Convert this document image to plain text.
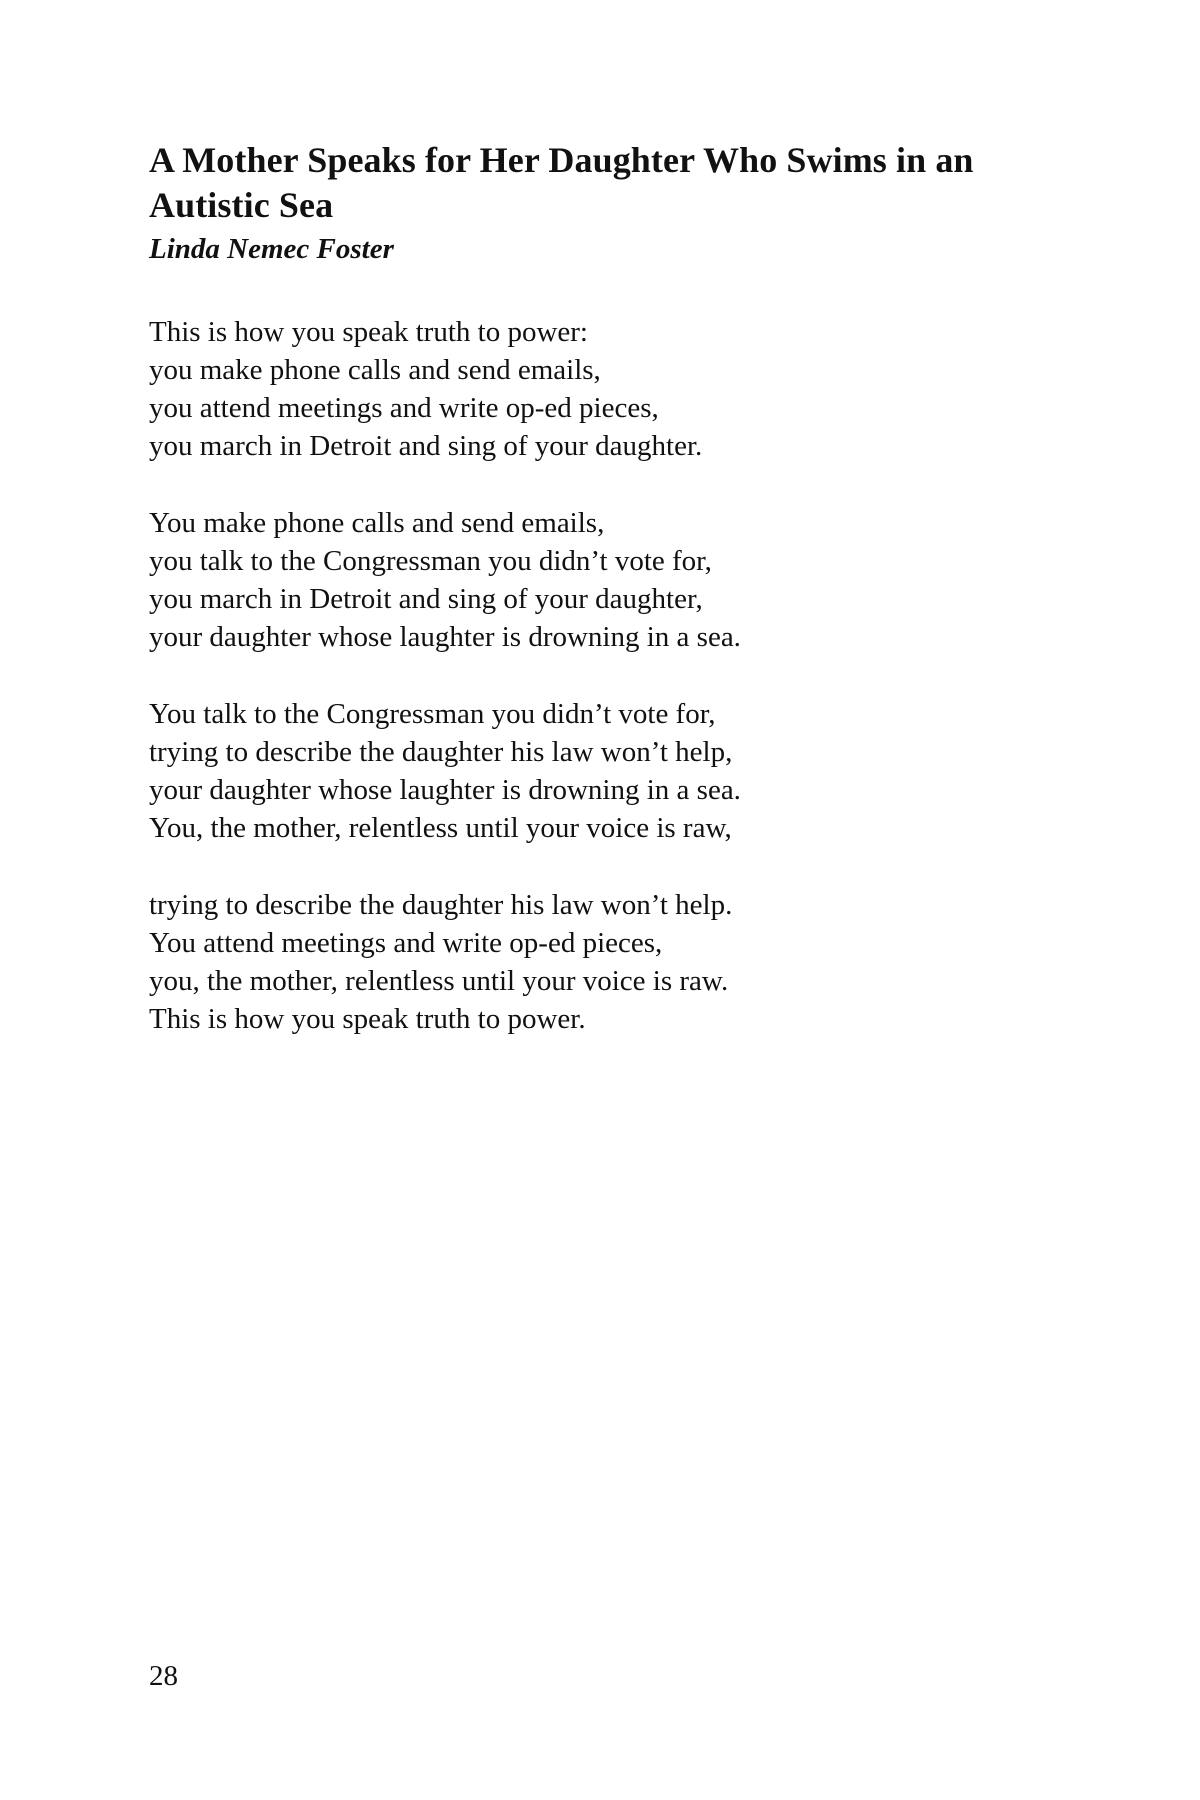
A Mother Speaks for Her Daughter Who Swims in an Autistic Sea

Linda Nemec Foster

This is how you speak truth to power:
you make phone calls and send emails,
you attend meetings and write op-ed pieces,
you march in Detroit and sing of your daughter.
You make phone calls and send emails,
you talk to the Congressman you didn’t vote for,
you march in Detroit and sing of your daughter,
your daughter whose laughter is drowning in a sea.
You talk to the Congressman you didn’t vote for,
trying to describe the daughter his law won’t help,
your daughter whose laughter is drowning in a sea.
You, the mother, relentless until your voice is raw,
trying to describe the daughter his law won’t help.
You attend meetings and write op-ed pieces,
you, the mother, relentless until your voice is raw.
This is how you speak truth to power.

28
